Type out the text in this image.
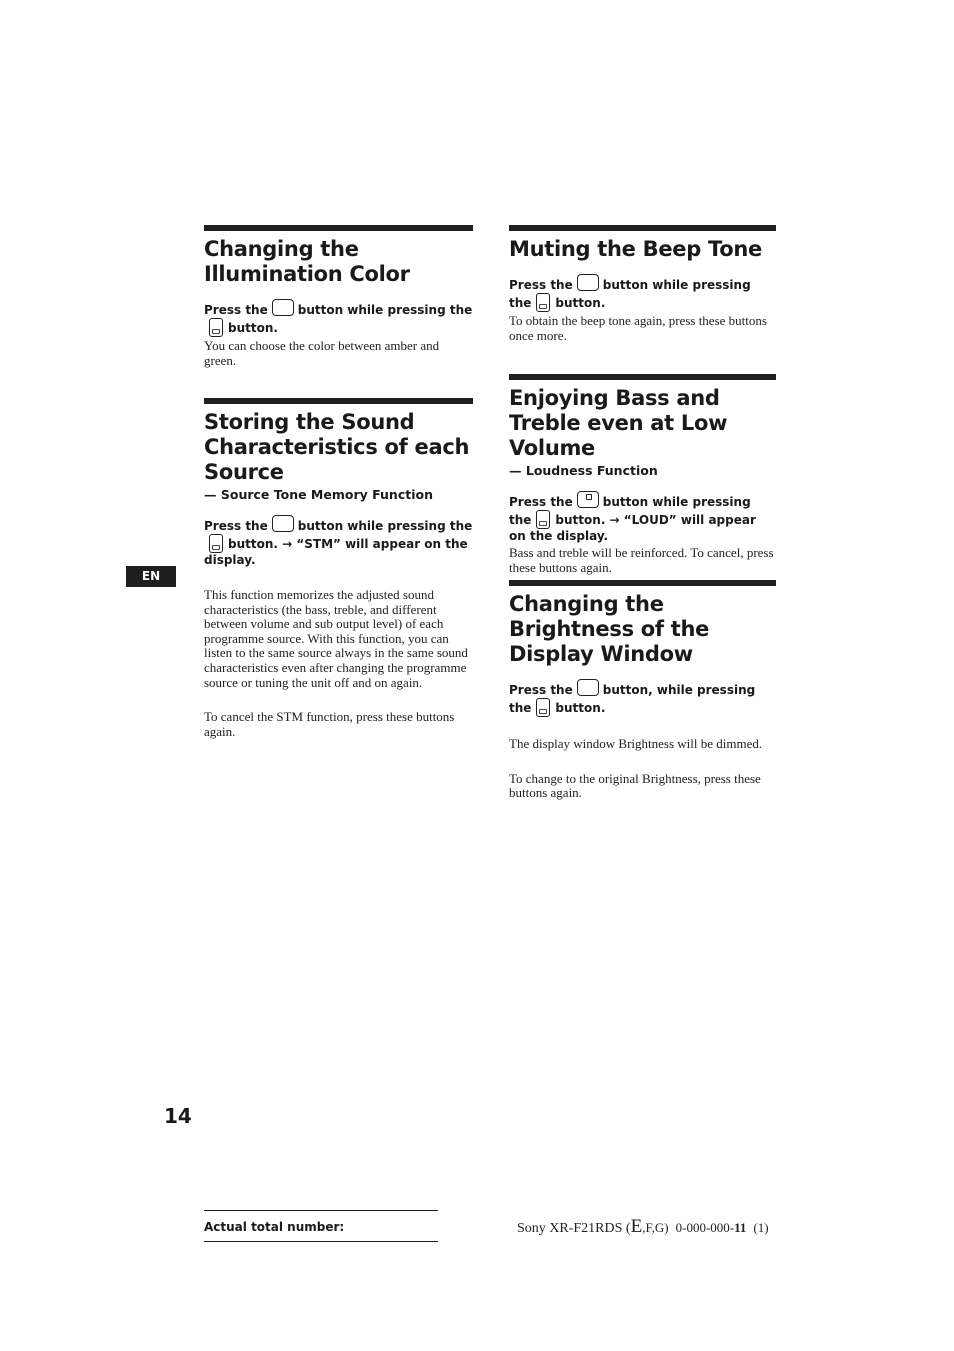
Changing the Illumination Color

Press the	button while pressing thebutton.

You can choose the color between amber and green.

Storing the Sound Characteristics of each Source

— Source Tone Memory Function

Press the	button while pressing thebutton. → “STM” will appear on the display.

This function memorizes the adjusted sound characteristics (the bass, treble, and different between volume and sub output level) of each programme source. With this function, you can listen to the same source always in the same sound characteristics even after changing the programme source or tuning the unit off and on again.

To cancel the STM function, press these buttons again.

Muting the Beep Tone

Press the	button while pressing the button.

To obtain the beep tone again, press these buttons once more.

Enjoying Bass and Treble even at Low Volume

— Loudness Function

Press the	button while pressing the button. → “LOUD” will appear on the display.

Bass and treble will be reinforced. To cancel, press these buttons again.

Changing the Brightness of the Display Window

Press the	button, while pressing the button.

The display window Brightness will be dimmed.

To change to the original Brightness, press these buttons again.

EN
14
Actual total number:	Sony XR-F21RDS (E,F,G) 0-000-000-11 (1)
